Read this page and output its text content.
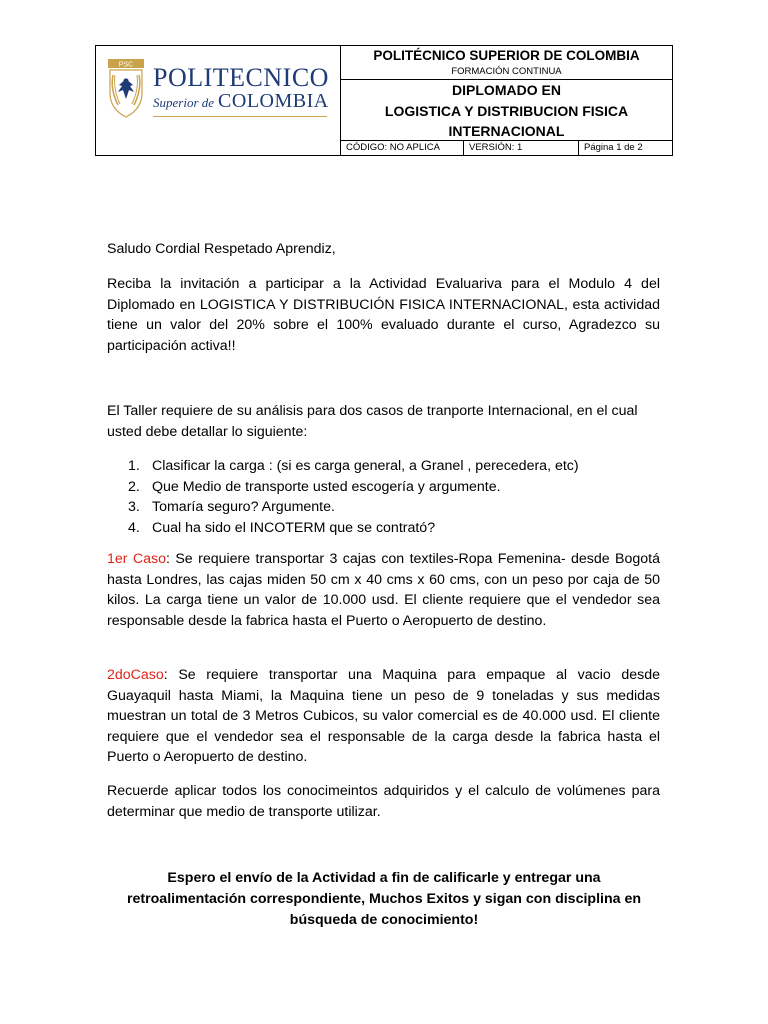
PSC POLITECNICO
Superior de COLOMBIA
POLITÉCNICO SUPERIOR DE COLOMBIA
FORMACIÓN CONTINUA
DIPLOMADO EN
LOGISTICA Y DISTRIBUCION FISICA
INTERNACIONAL
CÓDIGO: NO APLICA	VERSIÓN: 1	Página 1 de 2
Saludo Cordial Respetado Aprendiz,
Reciba la invitación a participar a la Actividad Evaluariva para el Modulo 4 del Diplomado en LOGISTICA Y DISTRIBUCIÓN FISICA INTERNACIONAL, esta actividad tiene un valor del 20% sobre el 100% evaluado durante el curso, Agradezco su participación activa!!
El Taller requiere de su análisis para dos casos de tranporte Internacional, en el cual usted debe detallar lo siguiente:
1. Clasificar la carga : (si es carga general, a Granel , perecedera, etc)
2. Que Medio de transporte usted escogería y argumente.
3. Tomaría seguro? Argumente.
4. Cual ha sido el INCOTERM que se contrató?
1er Caso: Se requiere transportar 3 cajas con textiles-Ropa Femenina- desde Bogotá hasta Londres, las cajas miden 50 cm x 40 cms x 60 cms, con un peso por caja de 50 kilos. La carga tiene un valor de 10.000 usd. El cliente requiere que el vendedor sea responsable desde la fabrica hasta el Puerto o Aeropuerto de destino.
2doCaso: Se requiere transportar una Maquina para empaque al vacio desde Guayaquil hasta Miami, la Maquina tiene un peso de 9 toneladas y sus medidas muestran un total de 3 Metros Cubicos, su valor comercial es de 40.000 usd. El cliente requiere que el vendedor sea el responsable de la carga desde la fabrica hasta el Puerto o Aeropuerto de destino.
Recuerde aplicar todos los conocimeintos adquiridos y el calculo de volúmenes para determinar que medio de transporte utilizar.
Espero el envío de la Actividad a fin de calificarle y entregar una
retroalimentación correspondiente, Muchos Exitos y sigan con disciplina en
búsqueda de conocimiento!
